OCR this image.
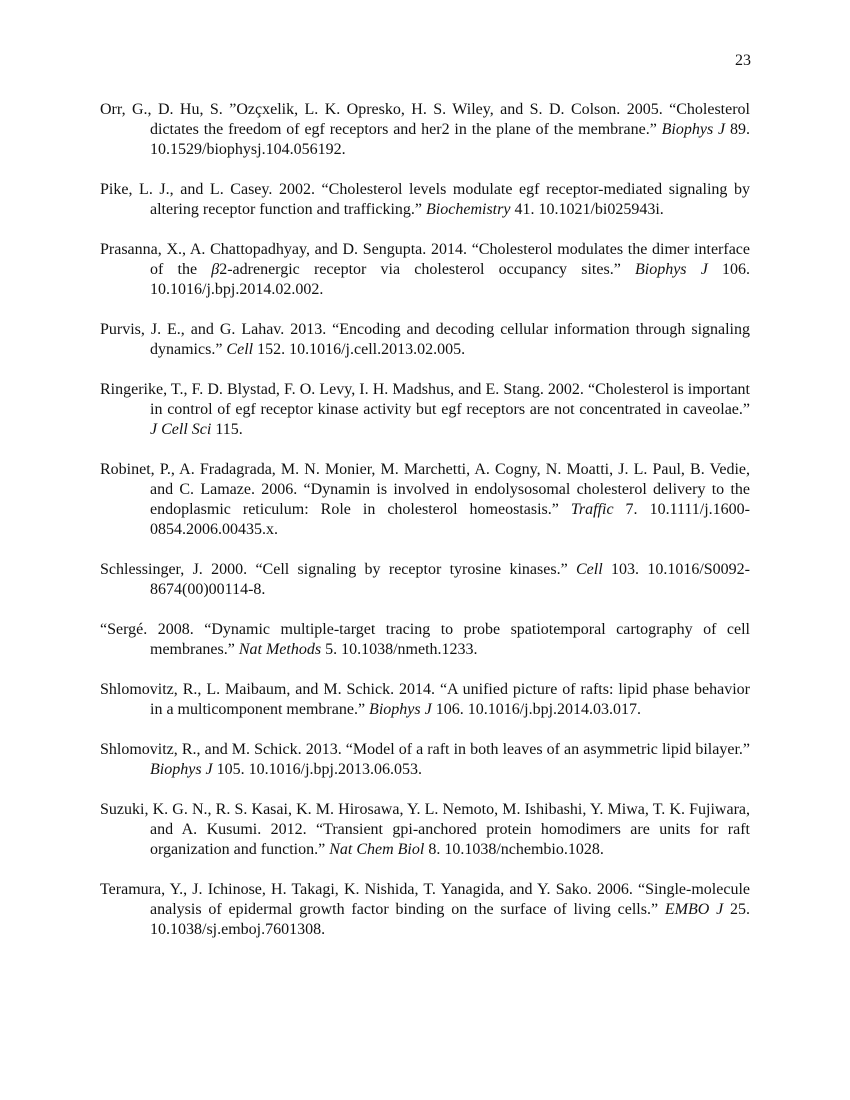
23
Orr, G., D. Hu, S. ”Ozçxelik, L. K. Opresko, H. S. Wiley, and S. D. Colson. 2005. “Cholesterol dictates the freedom of egf receptors and her2 in the plane of the membrane.” Biophys J 89. 10.1529/biophysj.104.056192.
Pike, L. J., and L. Casey. 2002. “Cholesterol levels modulate egf receptor-mediated signaling by altering receptor function and trafficking.” Biochemistry 41. 10.1021/bi025943i.
Prasanna, X., A. Chattopadhyay, and D. Sengupta. 2014. “Cholesterol modulates the dimer interface of the β2-adrenergic receptor via cholesterol occupancy sites.” Biophys J 106. 10.1016/j.bpj.2014.02.002.
Purvis, J. E., and G. Lahav. 2013. “Encoding and decoding cellular information through signaling dynamics.” Cell 152. 10.1016/j.cell.2013.02.005.
Ringerike, T., F. D. Blystad, F. O. Levy, I. H. Madshus, and E. Stang. 2002. “Cholesterol is important in control of egf receptor kinase activity but egf receptors are not concentrated in caveolae.” J Cell Sci 115.
Robinet, P., A. Fradagrada, M. N. Monier, M. Marchetti, A. Cogny, N. Moatti, J. L. Paul, B. Vedie, and C. Lamaze. 2006. “Dynamin is involved in endolysosomal cholesterol delivery to the endoplasmic reticulum: Role in cholesterol homeostasis.” Traffic 7. 10.1111/j.1600-0854.2006.00435.x.
Schlessinger, J. 2000. “Cell signaling by receptor tyrosine kinases.” Cell 103. 10.1016/S0092-8674(00)00114-8.
“Sergé. 2008. “Dynamic multiple-target tracing to probe spatiotemporal cartography of cell membranes.” Nat Methods 5. 10.1038/nmeth.1233.
Shlomovitz, R., L. Maibaum, and M. Schick. 2014. “A unified picture of rafts: lipid phase behavior in a multicomponent membrane.” Biophys J 106. 10.1016/j.bpj.2014.03.017.
Shlomovitz, R., and M. Schick. 2013. “Model of a raft in both leaves of an asymmetric lipid bilayer.” Biophys J 105. 10.1016/j.bpj.2013.06.053.
Suzuki, K. G. N., R. S. Kasai, K. M. Hirosawa, Y. L. Nemoto, M. Ishibashi, Y. Miwa, T. K. Fujiwara, and A. Kusumi. 2012. “Transient gpi-anchored protein homodimers are units for raft organization and function.” Nat Chem Biol 8. 10.1038/nchembio.1028.
Teramura, Y., J. Ichinose, H. Takagi, K. Nishida, T. Yanagida, and Y. Sako. 2006. “Single-molecule analysis of epidermal growth factor binding on the surface of living cells.” EMBO J 25. 10.1038/sj.emboj.7601308.
